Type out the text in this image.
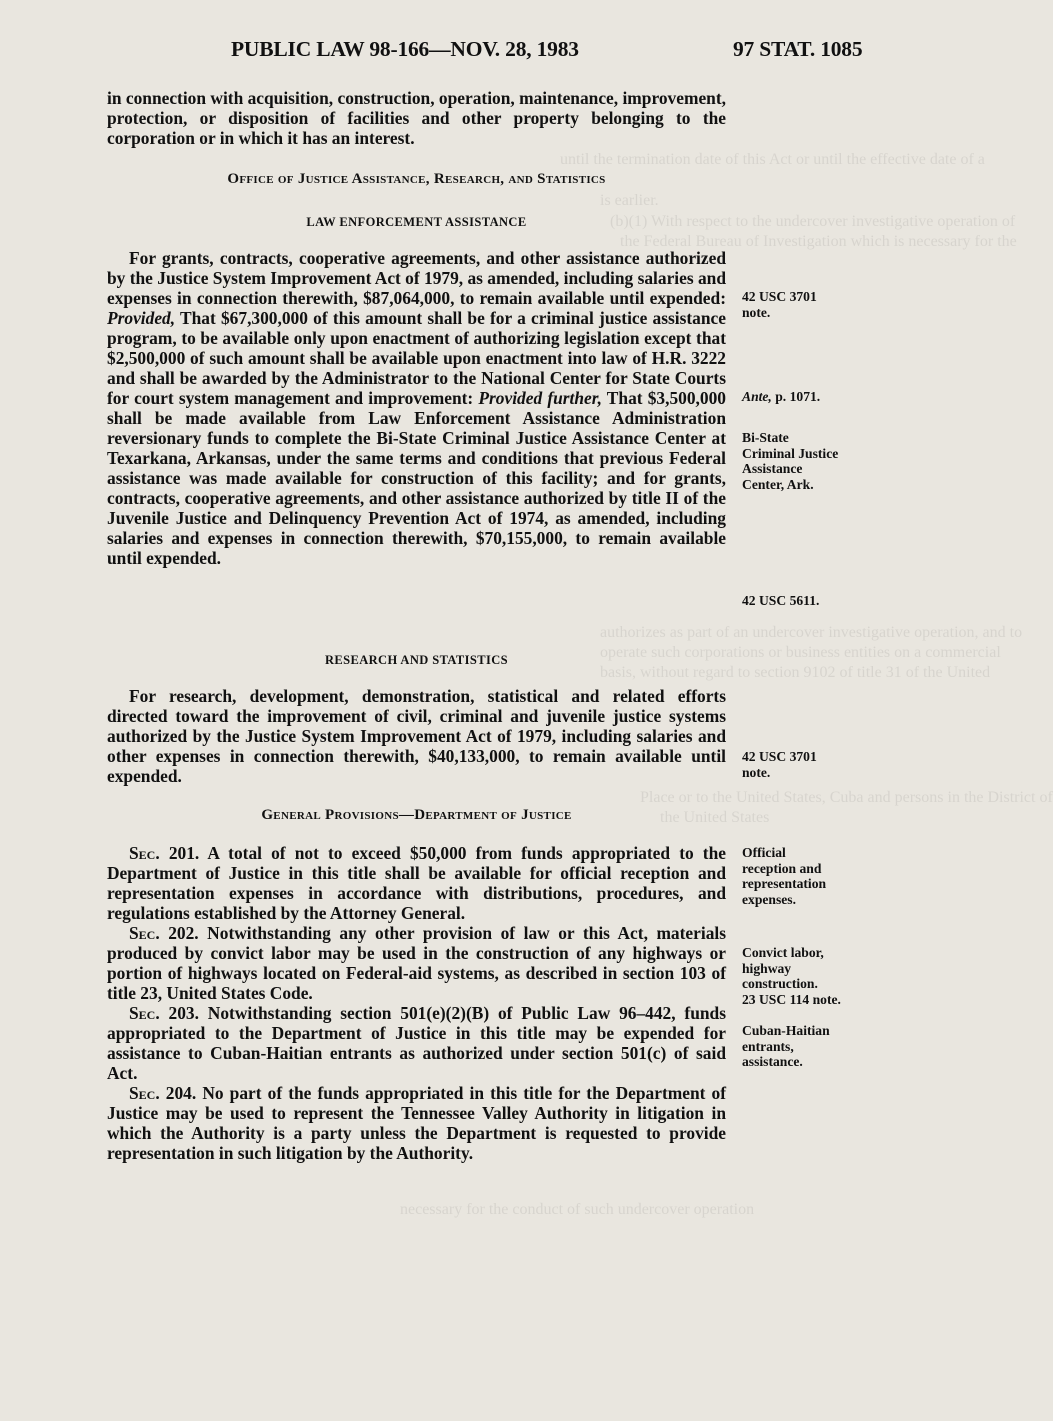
until the termination date of this Act or until the effective date of a
is earlier.
(b)(1) With respect to the undercover investigative operation of
the Federal Bureau of Investigation which is necessary for the
authorizes as part of an undercover investigative operation, and to
operate such corporations or business entities on a commercial
basis, without regard to section 9102 of title 31 of the United
Place or to the United States, Cuba and persons in the District of
the United States
necessary for the conduct of such undercover operation
PUBLIC LAW 98-166—NOV. 28, 1983	97 STAT. 1085
in connection with acquisition, construction, operation, maintenance, improvement, protection, or disposition of facilities and other property belonging to the corporation or in which it has an interest.
Office of Justice Assistance, Research, and Statistics
LAW ENFORCEMENT ASSISTANCE

For grants, contracts, cooperative agreements, and other assistance authorized by the Justice System Improvement Act of 1979, as amended, including salaries and expenses in connection therewith, $87,064,000, to remain available until expended: Provided, That $67,300,000 of this amount shall be for a criminal justice assistance program, to be available only upon enactment of authorizing legislation except that $2,500,000 of such amount shall be available upon enactment into law of H.R. 3222 and shall be awarded by the Administrator to the National Center for State Courts for court system management and improvement: Provided further, That $3,500,000 shall be made available from Law Enforcement Assistance Administration reversionary funds to complete the Bi-State Criminal Justice Assistance Center at Texarkana, Arkansas, under the same terms and conditions that previous Federal assistance was made available for construction of this facility; and for grants, contracts, cooperative agreements, and other assistance authorized by title II of the Juvenile Justice and Delinquency Prevention Act of 1974, as amended, including salaries and expenses in connection therewith, $70,155,000, to remain available until expended.

RESEARCH AND STATISTICS

For research, development, demonstration, statistical and related efforts directed toward the improvement of civil, criminal and juvenile justice systems authorized by the Justice System Improvement Act of 1979, including salaries and other expenses in connection therewith, $40,133,000, to remain available until expended.

General Provisions—Department of Justice

Sec. 201. A total of not to exceed $50,000 from funds appropriated to the Department of Justice in this title shall be available for official reception and representation expenses in accordance with distributions, procedures, and regulations established by the Attorney General.

Sec. 202. Notwithstanding any other provision of law or this Act, materials produced by convict labor may be used in the construction of any highways or portion of highways located on Federal-aid systems, as described in section 103 of title 23, United States Code.

Sec. 203. Notwithstanding section 501(e)(2)(B) of Public Law 96–442, funds appropriated to the Department of Justice in this title may be expended for assistance to Cuban-Haitian entrants as authorized under section 501(c) of said Act.

Sec. 204. No part of the funds appropriated in this title for the Department of Justice may be used to represent the Tennessee Valley Authority in litigation in which the Authority is a party unless the Department is requested to provide representation in such litigation by the Authority.

42 USC 3701
note.
Ante, p. 1071.
Bi-State
Criminal Justice
Assistance
Center, Ark.
42 USC 5611.
42 USC 3701
note.
Official
reception and
representation
expenses.
Convict labor,
highway
construction.
23 USC 114 note.
Cuban-Haitian
entrants,
assistance.
